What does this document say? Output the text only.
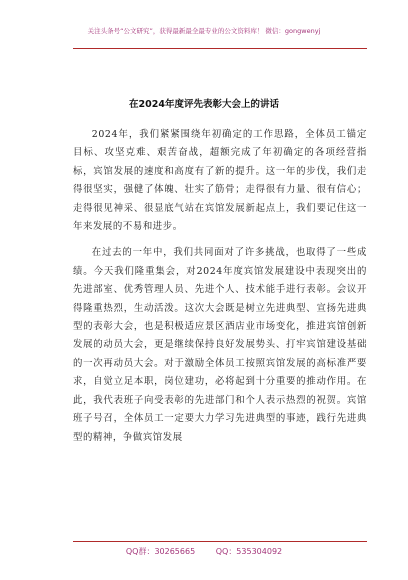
关注头条号“公文研究”，获得最新最全最专业的公文资料库！ 微信：gongwenyj
在2024年度评先表彰大会上的讲话

2024年，我们紧紧围绕年初确定的工作思路，全体员工锚定目标、攻坚克难、艰苦奋战，超额完成了年初确定的各项经营指标，宾馆发展的速度和高度有了新的提升。这一年的步伐，我们走得很坚实，强健了体魄、壮实了筋骨；走得很有力量、很有信心；走得很见神采、很显底气站在宾馆发展新起点上，我们要记住这一年来发展的不易和进步。

在过去的一年中，我们共同面对了许多挑战，也取得了一些成绩。今天我们隆重集会，对2024年度宾馆发展建设中表现突出的先进部室、优秀管理人员、先进个人、技术能手进行表彰。会议开得隆重热烈，生动活泼。这次大会既是树立先进典型、宣扬先进典型的表彰大会，也是积极适应景区酒店业市场变化，推进宾馆创新发展的动员大会，更是继续保持良好发展势头、打牢宾馆建设基础的一次再动员大会。对于激励全体员工按照宾馆发展的高标准严要求，自觉立足本职，岗位建功，必将起到十分重要的推动作用。在此，我代表班子向受表彰的先进部门和个人表示热烈的祝贺。宾馆班子号召，全体员工一定要大力学习先进典型的事迹，践行先进典型的精神，争做宾馆发展

QQ群：30265665	QQ：535304092
